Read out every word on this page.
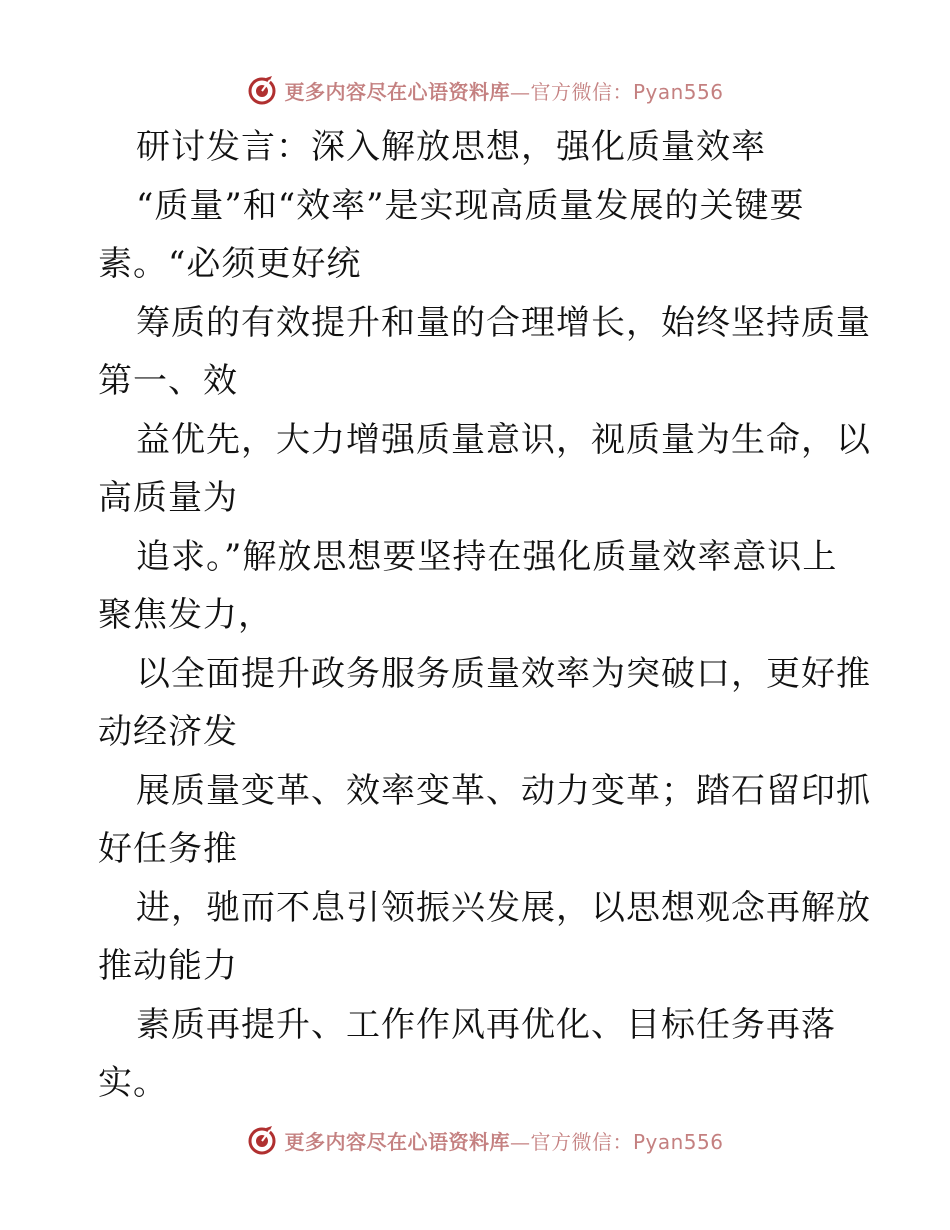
更多内容尽在心语资料库—官方微信：Pyan556
研讨发言：深入解放思想，强化质量效率
“质量”和“效率”是实现高质量发展的关键要
素。“必须更好统
筹质的有效提升和量的合理增长，始终坚持质量
第一、效
益优先，大力增强质量意识，视质量为生命，以
高质量为
追求。”解放思想要坚持在强化质量效率意识上
聚焦发力，
以全面提升政务服务质量效率为突破口，更好推
动经济发
展质量变革、效率变革、动力变革；踏石留印抓
好任务推
进，驰而不息引领振兴发展，以思想观念再解放
推动能力
素质再提升、工作作风再优化、目标任务再落
实。
更多内容尽在心语资料库—官方微信：Pyan556
